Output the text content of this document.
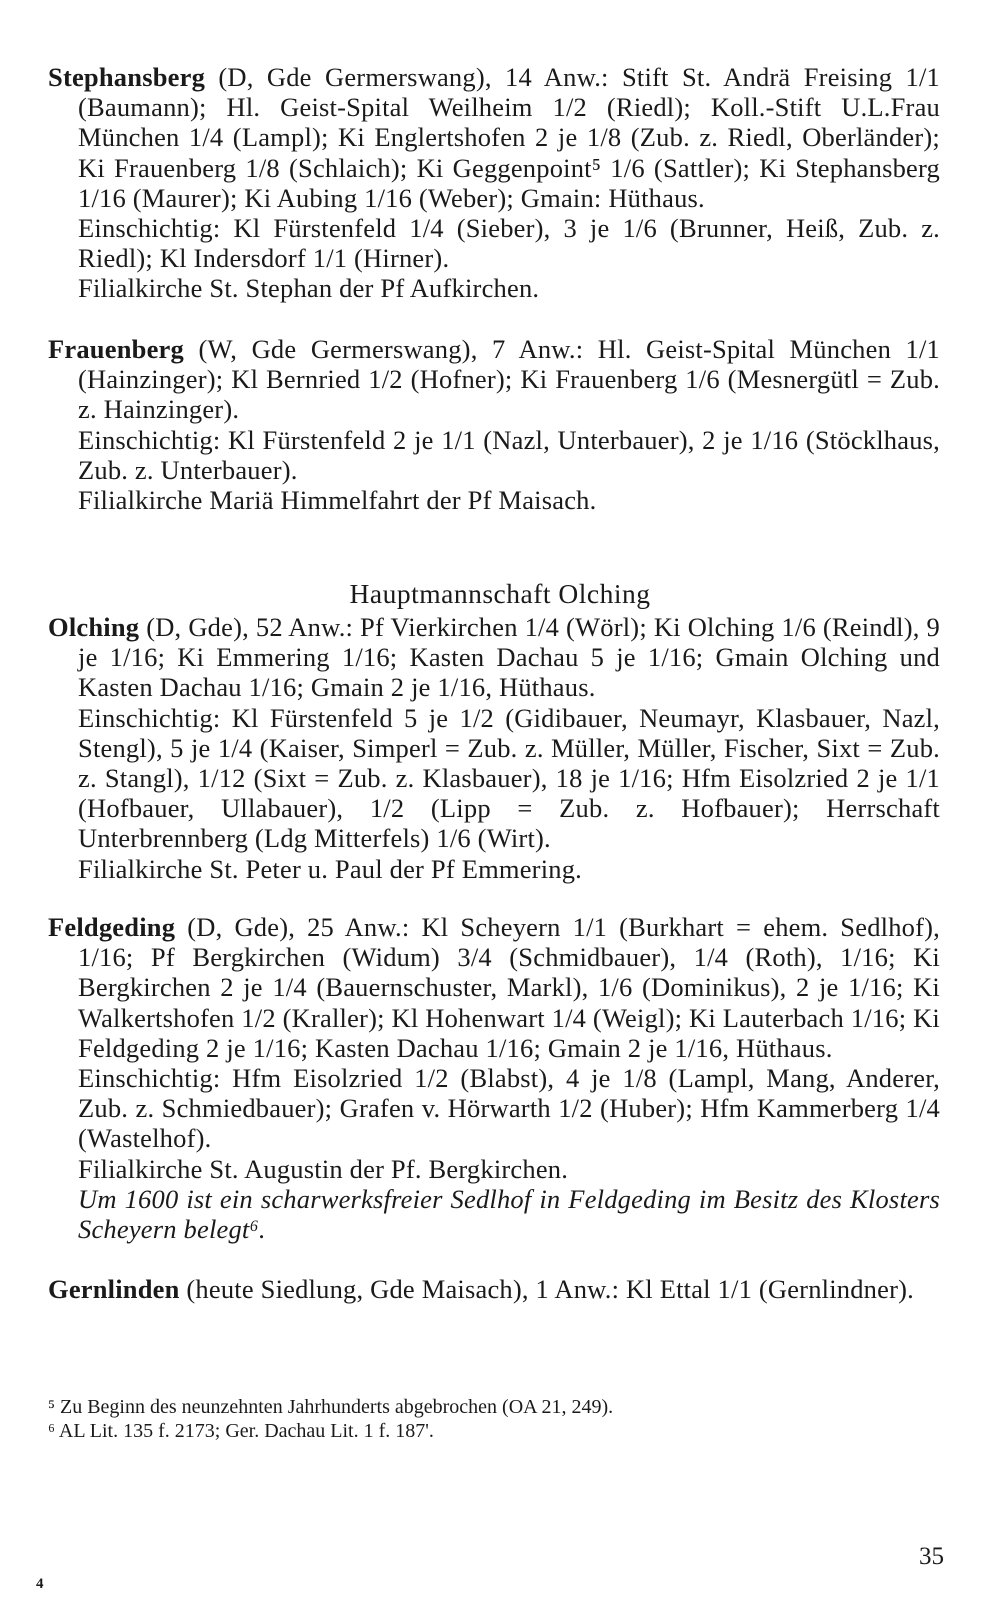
Stephansberg (D, Gde Germerswang), 14 Anw.: Stift St. Andrä Freising 1/1 (Baumann); Hl. Geist-Spital Weilheim 1/2 (Riedl); Koll.-Stift U.L.Frau München 1/4 (Lampl); Ki Englertshofen 2 je 1/8 (Zub. z. Riedl, Oberländer); Ki Frauenberg 1/8 (Schlaich); Ki Geggenpoint⁵ 1/6 (Sattler); Ki Stephansberg 1/16 (Maurer); Ki Aubing 1/16 (Weber); Gmain: Hüthaus.

Einschichtig: Kl Fürstenfeld 1/4 (Sieber), 3 je 1/6 (Brunner, Heiß, Zub. z. Riedl); Kl Indersdorf 1/1 (Hirner).

Filialkirche St. Stephan der Pf Aufkirchen.

Frauenberg (W, Gde Germerswang), 7 Anw.: Hl. Geist-Spital München 1/1 (Hainzinger); Kl Bernried 1/2 (Hofner); Ki Frauenberg 1/6 (Mesnergütl = Zub. z. Hainzinger).

Einschichtig: Kl Fürstenfeld 2 je 1/1 (Nazl, Unterbauer), 2 je 1/16 (Stöcklhaus, Zub. z. Unterbauer).

Filialkirche Mariä Himmelfahrt der Pf Maisach.

Hauptmannschaft Olching

Olching (D, Gde), 52 Anw.: Pf Vierkirchen 1/4 (Wörl); Ki Olching 1/6 (Reindl), 9 je 1/16; Ki Emmering 1/16; Kasten Dachau 5 je 1/16; Gmain Olching und Kasten Dachau 1/16; Gmain 2 je 1/16, Hüthaus.

Einschichtig: Kl Fürstenfeld 5 je 1/2 (Gidibauer, Neumayr, Klasbauer, Nazl, Stengl), 5 je 1/4 (Kaiser, Simperl = Zub. z. Müller, Müller, Fischer, Sixt = Zub. z. Stangl), 1/12 (Sixt = Zub. z. Klasbauer), 18 je 1/16; Hfm Eisolzried 2 je 1/1 (Hofbauer, Ullabauer), 1/2 (Lipp = Zub. z. Hofbauer); Herrschaft Unterbrennberg (Ldg Mitterfels) 1/6 (Wirt).

Filialkirche St. Peter u. Paul der Pf Emmering.

Feldgeding (D, Gde), 25 Anw.: Kl Scheyern 1/1 (Burkhart = ehem. Sedlhof), 1/16; Pf Bergkirchen (Widum) 3/4 (Schmidbauer), 1/4 (Roth), 1/16; Ki Bergkirchen 2 je 1/4 (Bauernschuster, Markl), 1/6 (Dominikus), 2 je 1/16; Ki Walkertshofen 1/2 (Kraller); Kl Hohenwart 1/4 (Weigl); Ki Lauterbach 1/16; Ki Feldgeding 2 je 1/16; Kasten Dachau 1/16; Gmain 2 je 1/16, Hüthaus.

Einschichtig: Hfm Eisolzried 1/2 (Blabst), 4 je 1/8 (Lampl, Mang, Anderer, Zub. z. Schmiedbauer); Grafen v. Hörwarth 1/2 (Huber); Hfm Kammerberg 1/4 (Wastelhof).

Filialkirche St. Augustin der Pf. Bergkirchen.

Um 1600 ist ein scharwerksfreier Sedlhof in Feldgeding im Besitz des Klosters Scheyern belegt⁶.

Gernlinden (heute Siedlung, Gde Maisach), 1 Anw.: Kl Ettal 1/1 (Gernlindner).

⁵ Zu Beginn des neunzehnten Jahrhunderts abgebrochen (OA 21, 249).

⁶ AL Lit. 135 f. 2173; Ger. Dachau Lit. 1 f. 187'.

35
4
